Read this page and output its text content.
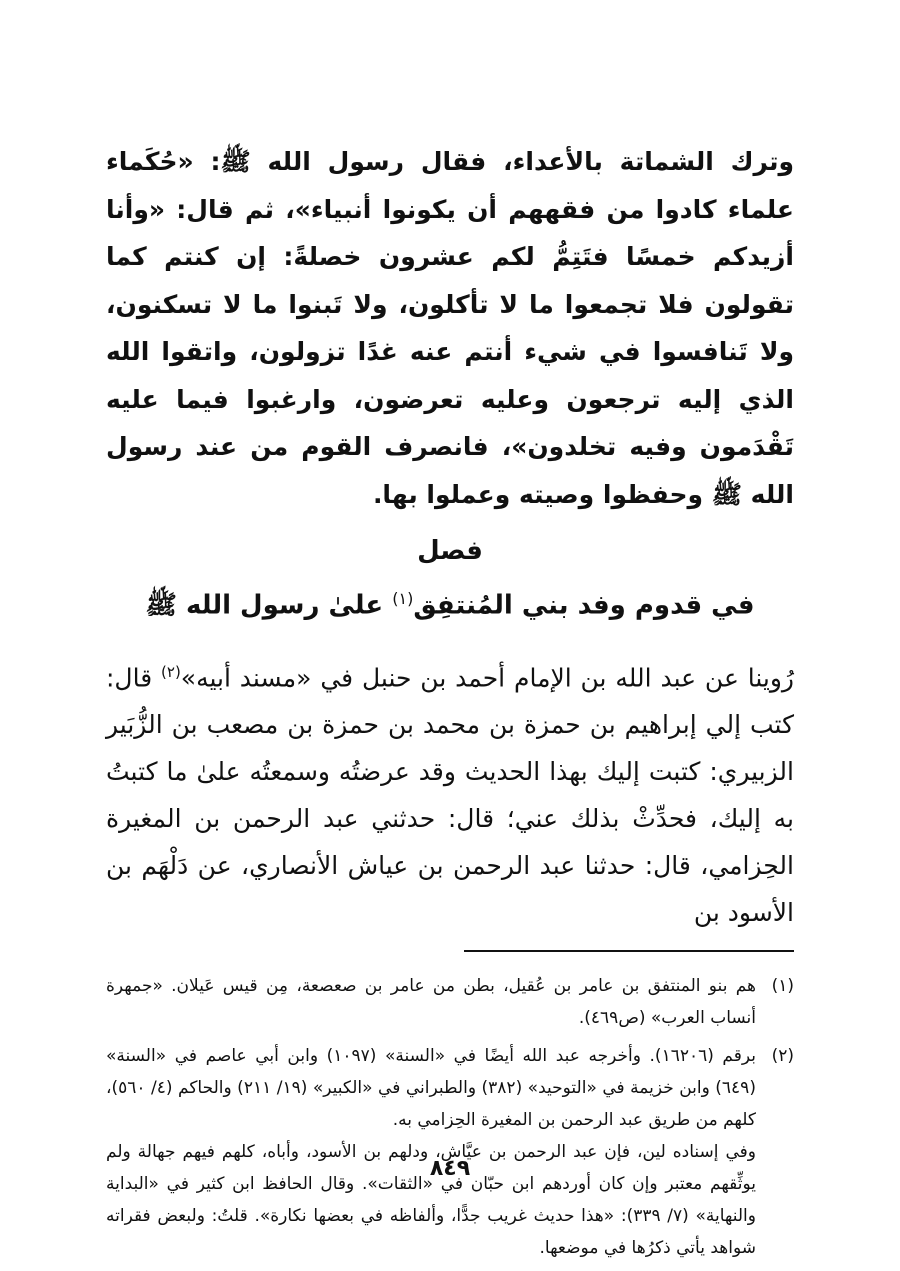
وترك الشماتة بالأعداء، فقال رسول الله ﷺ: «حُكَماء علماء كادوا من فقههم أن يكونوا أنبياء»، ثم قال: «وأنا أزيدكم خمسًا فتَتِمُّ لكم عشرون خصلةً: إن كنتم كما تقولون فلا تجمعوا ما لا تأكلون، ولا تَبنوا ما لا تسكنون، ولا تَنافسوا في شيء أنتم عنه غدًا تزولون، واتقوا الله الذي إليه ترجعون وعليه تعرضون، وارغبوا فيما عليه تَقْدَمون وفيه تخلدون»، فانصرف القوم من عند رسول الله ﷺ وحفظوا وصيته وعملوا بها.

فصل
في قدوم وفد بني المُنتفِق$^{(١)}$ علىٰ رسول الله ﷺ
رُوينا عن عبد الله بن الإمام أحمد بن حنبل في «مسند أبيه»$^{(٢)}$ قال: كتب إلي إبراهيم بن حمزة بن محمد بن حمزة بن مصعب بن الزُّبَير الزبيري: كتبت إليك بهذا الحديث وقد عرضتُه وسمعتُه علىٰ ما كتبتُ به إليك، فحدِّثْ بذلك عني؛ قال: حدثني عبد الرحمن بن المغيرة الحِزامي، قال: حدثنا عبد الرحمن بن عياش الأنصاري، عن دَلْهَم بن الأسود بن
(١)

هم بنو المنتفق بن عامر بن عُقيل، بطن من عامر بن صعصعة، مِن قيس عَيلان. «جمهرة أنساب العرب» (ص٤٦٩).

(٢)

برقم (١٦٢٠٦). وأخرجه عبد الله أيضًا في «السنة» (١٠٩٧) وابن أبي عاصم في «السنة» (٦٤٩) وابن خزيمة في «التوحيد» (٣٨٢) والطبراني في «الكبير» (١٩/ ٢١١) والحاكم (٤/ ٥٦٠)، كلهم من طريق عبد الرحمن بن المغيرة الحِزامي به.

وفي إسناده لين، فإن عبد الرحمن بن عيَّاش، ودلهم بن الأسود، وأباه، كلهم فيهم جهالة ولم يوثِّقهم معتبر وإن كان أوردهم ابن حبّان في «الثقات». وقال الحافظ ابن كثير في «البداية والنهاية» (٧/ ٣٣٩): «هذا حديث غريب جدًّا، وألفاظه في بعضها نكارة». قلتُ: ولبعض فقراته شواهد يأتي ذكرُها في موضعها.

٨٤٩
